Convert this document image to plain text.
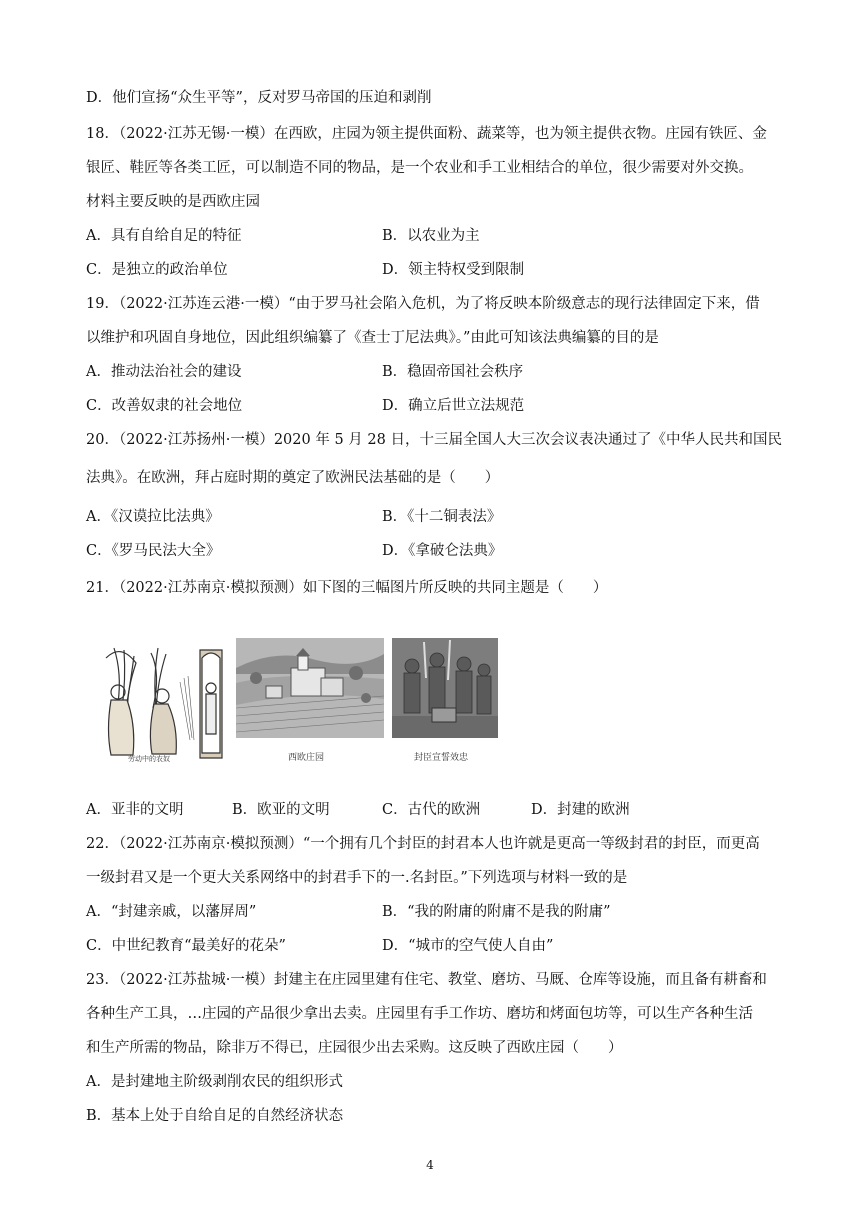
D．他们宣扬“众生平等”，反对罗马帝国的压迫和剥削
18．（2022·江苏无锡·一模）在西欧，庄园为领主提供面粉、蔬菜等，也为领主提供衣物。庄园有铁匠、金
银匠、鞋匠等各类工匠，可以制造不同的物品，是一个农业和手工业相结合的单位，很少需要对外交换。
材料主要反映的是西欧庄园
A．具有自给自足的特征	B．以农业为主
C．是独立的政治单位	D．领主特权受到限制
19．（2022·江苏连云港·一模）“由于罗马社会陷入危机，为了将反映本阶级意志的现行法律固定下来，借
以维护和巩固自身地位，因此组织编纂了《查士丁尼法典》。”由此可知该法典编纂的目的是
A．推动法治社会的建设	B．稳固帝国社会秩序
C．改善奴隶的社会地位	D．确立后世立法规范
20．（2022·江苏扬州·一模）2020 年 5 月 28 日，十三届全国人大三次会议表决通过了《中华人民共和国民
法典》。在欧洲，拜占庭时期的奠定了欧洲民法基础的是（　　）
A．《汉谟拉比法典》	B．《十二铜表法》
C．《罗马民法大全》	D．《拿破仑法典》
21．（2022·江苏南京·模拟预测）如下图的三幅图片所反映的共同主题是（　　）
劳动中的农奴	西欧庄园	封臣宣誓效忠
A．亚非的文明	B．欧亚的文明	C．古代的欧洲	D．封建的欧洲
22．（2022·江苏南京·模拟预测）“一个拥有几个封臣的封君本人也许就是更高一等级封君的封臣，而更高
一级封君又是一个更大关系网络中的封君手下的一.名封臣。”下列选项与材料一致的是
A．“封建亲戚，以藩屏周”	B．“我的附庸的附庸不是我的附庸”
C．中世纪教育“最美好的花朵”	D．“城市的空气使人自由”
23．（2022·江苏盐城·一模）封建主在庄园里建有住宅、教堂、磨坊、马厩、仓库等设施，而且备有耕畜和
各种生产工具，…庄园的产品很少拿出去卖。庄园里有手工作坊、磨坊和烤面包坊等，可以生产各种生活
和生产所需的物品，除非万不得已，庄园很少出去采购。这反映了西欧庄园（　　）
A．是封建地主阶级剥削农民的组织形式
B．基本上处于自给自足的自然经济状态
4
